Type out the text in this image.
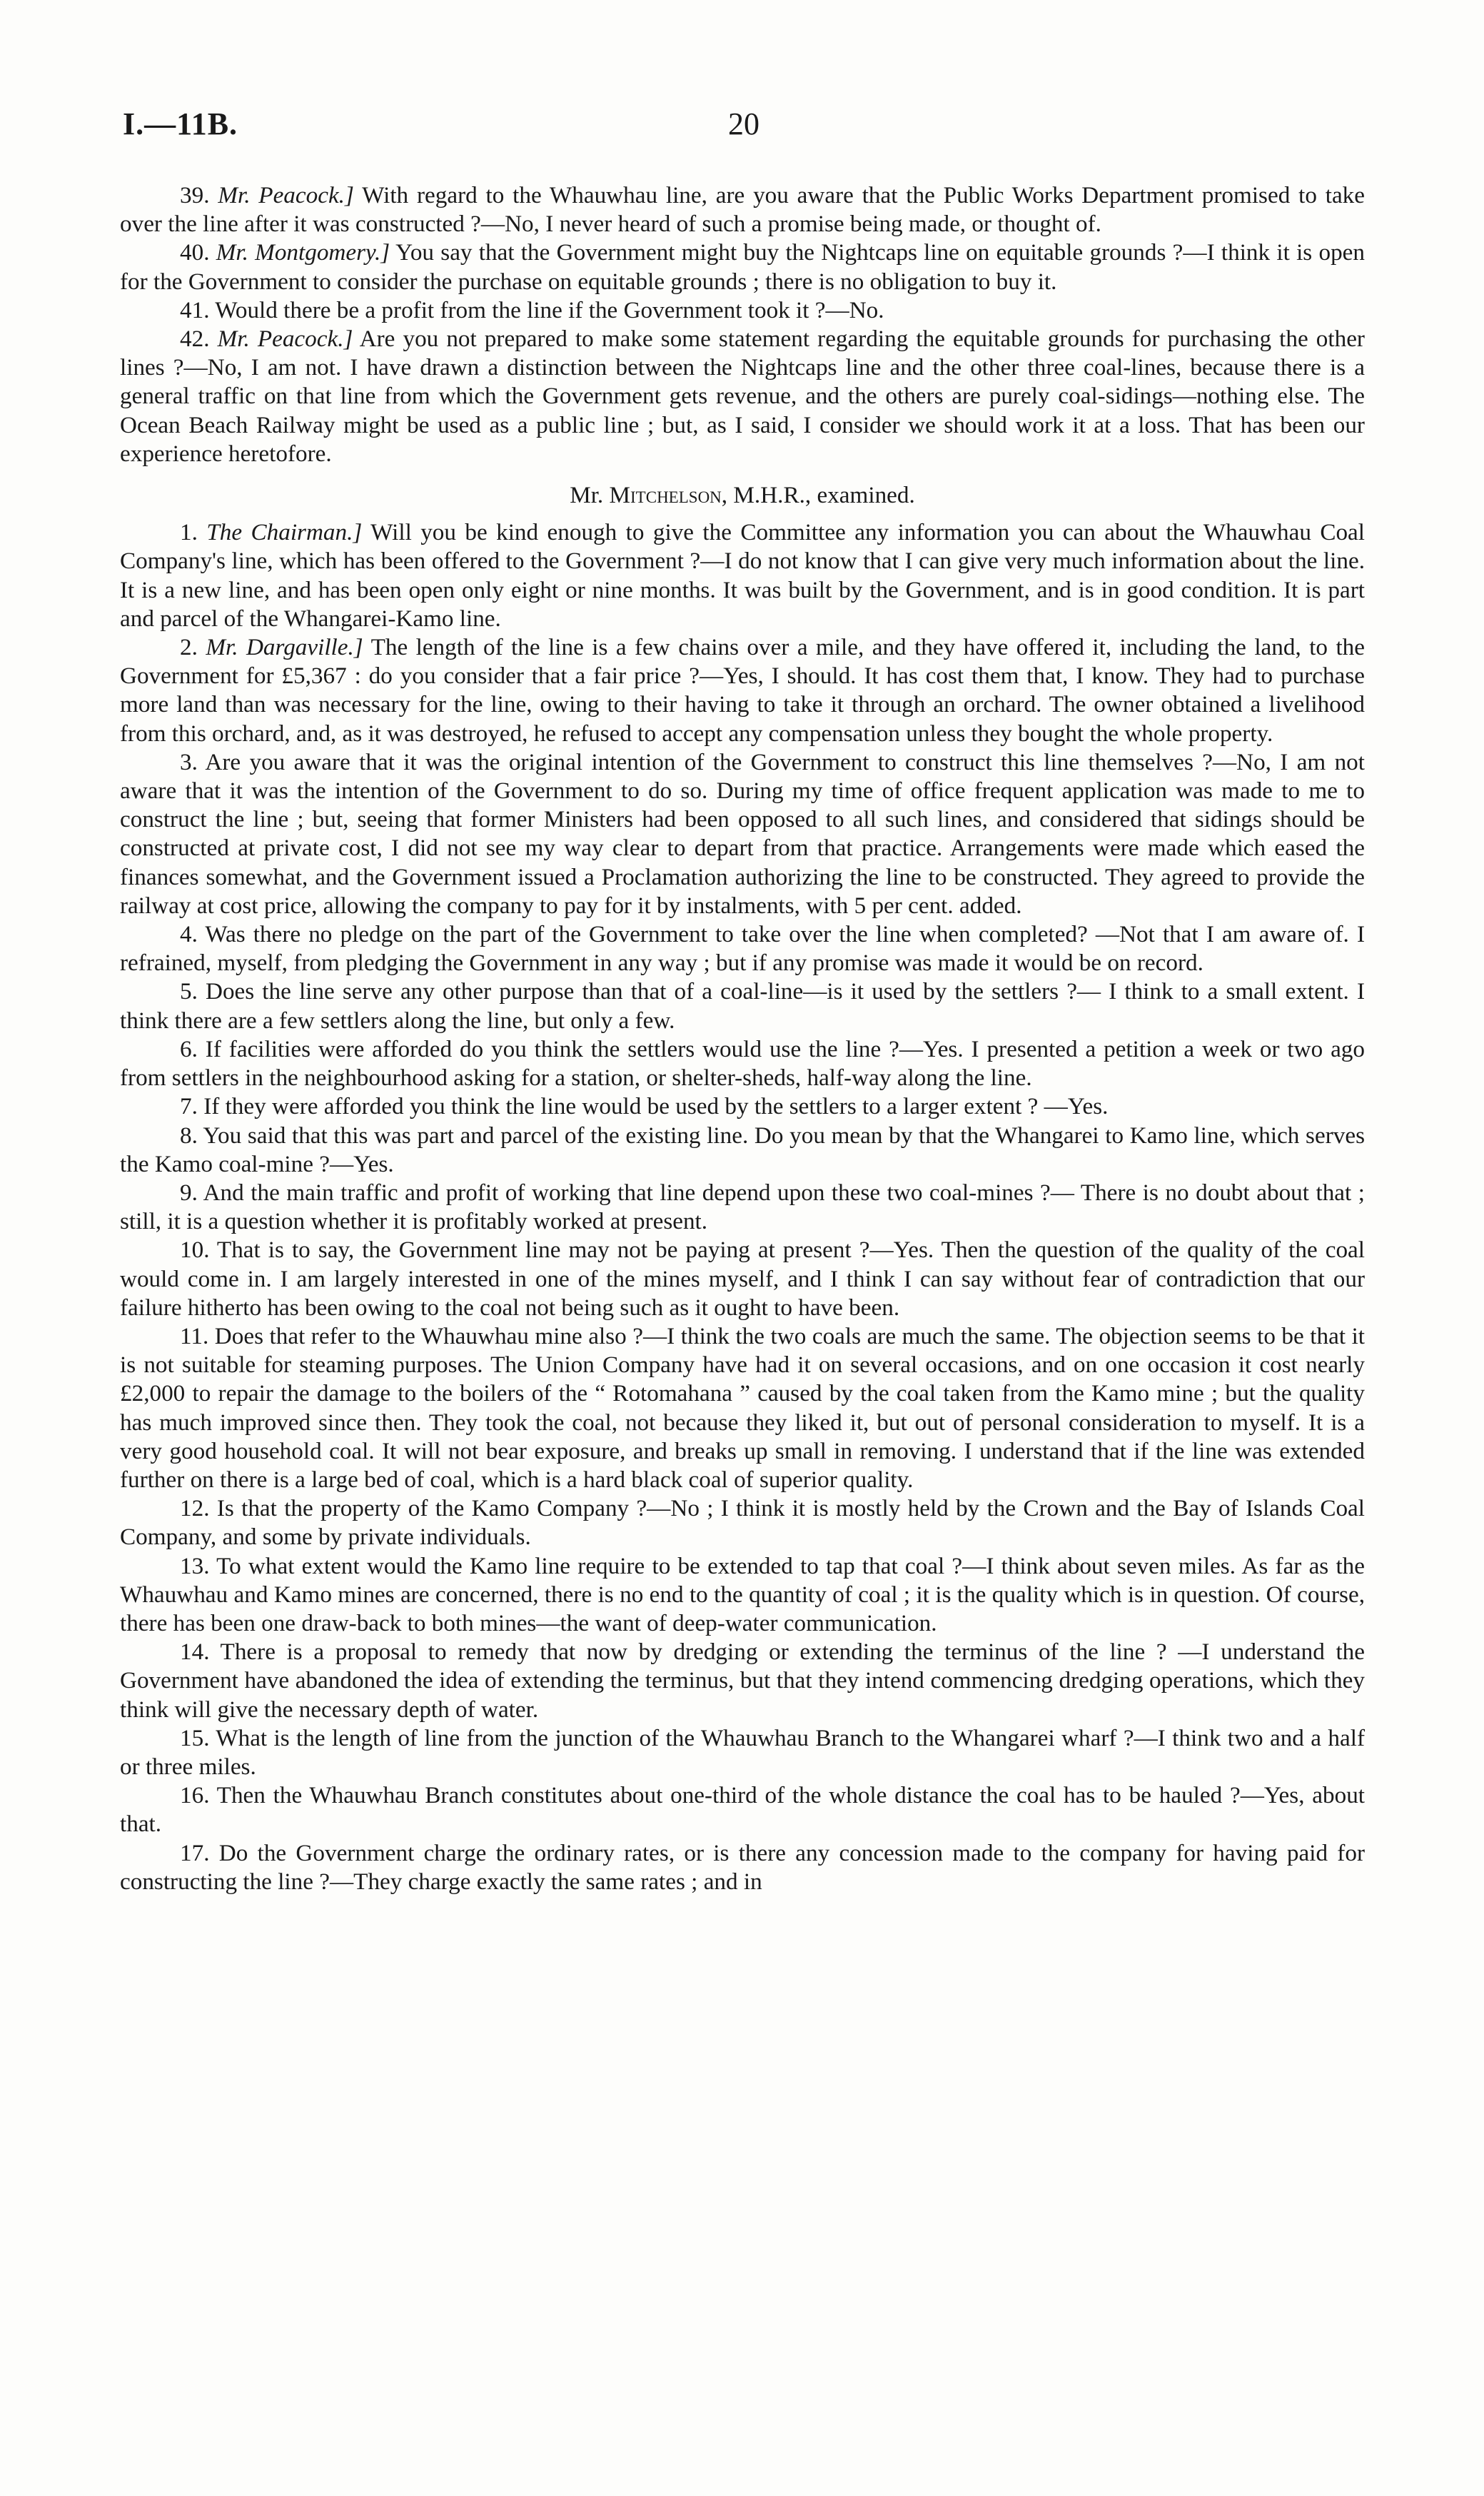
I.—11B.	20

39. Mr. Peacock.] With regard to the Whauwhau line, are you aware that the Public Works Department promised to take over the line after it was constructed ?—No, I never heard of such a promise being made, or thought of.

40. Mr. Montgomery.] You say that the Government might buy the Nightcaps line on equitable grounds ?—I think it is open for the Government to consider the purchase on equitable grounds ; there is no obligation to buy it.

41. Would there be a profit from the line if the Government took it ?—No.

42. Mr. Peacock.] Are you not prepared to make some statement regarding the equitable grounds for purchasing the other lines ?—No, I am not. I have drawn a distinction between the Nightcaps line and the other three coal-lines, because there is a general traffic on that line from which the Government gets revenue, and the others are purely coal-sidings—nothing else. The Ocean Beach Railway might be used as a public line ; but, as I said, I consider we should work it at a loss. That has been our experience heretofore.

Mr. Mitchelson, M.H.R., examined.

1. The Chairman.] Will you be kind enough to give the Committee any information you can about the Whauwhau Coal Company's line, which has been offered to the Government ?—I do not know that I can give very much information about the line. It is a new line, and has been open only eight or nine months. It was built by the Government, and is in good condition. It is part and parcel of the Whangarei-Kamo line.

2. Mr. Dargaville.] The length of the line is a few chains over a mile, and they have offered it, including the land, to the Government for £5,367 : do you consider that a fair price ?—Yes, I should. It has cost them that, I know. They had to purchase more land than was necessary for the line, owing to their having to take it through an orchard. The owner obtained a livelihood from this orchard, and, as it was destroyed, he refused to accept any compensation unless they bought the whole property.

3. Are you aware that it was the original intention of the Government to construct this line themselves ?—No, I am not aware that it was the intention of the Government to do so. During my time of office frequent application was made to me to construct the line ; but, seeing that former Ministers had been opposed to all such lines, and considered that sidings should be constructed at private cost, I did not see my way clear to depart from that practice. Arrangements were made which eased the finances somewhat, and the Government issued a Proclamation authorizing the line to be constructed. They agreed to provide the railway at cost price, allowing the company to pay for it by instalments, with 5 per cent. added.

4. Was there no pledge on the part of the Government to take over the line when completed? —Not that I am aware of. I refrained, myself, from pledging the Government in any way ; but if any promise was made it would be on record.

5. Does the line serve any other purpose than that of a coal-line—is it used by the settlers ?— I think to a small extent. I think there are a few settlers along the line, but only a few.

6. If facilities were afforded do you think the settlers would use the line ?—Yes. I presented a petition a week or two ago from settlers in the neighbourhood asking for a station, or shelter-sheds, half-way along the line.

7. If they were afforded you think the line would be used by the settlers to a larger extent ? —Yes.

8. You said that this was part and parcel of the existing line. Do you mean by that the Whangarei to Kamo line, which serves the Kamo coal-mine ?—Yes.

9. And the main traffic and profit of working that line depend upon these two coal-mines ?— There is no doubt about that ; still, it is a question whether it is profitably worked at present.

10. That is to say, the Government line may not be paying at present ?—Yes. Then the question of the quality of the coal would come in. I am largely interested in one of the mines myself, and I think I can say without fear of contradiction that our failure hitherto has been owing to the coal not being such as it ought to have been.

11. Does that refer to the Whauwhau mine also ?—I think the two coals are much the same. The objection seems to be that it is not suitable for steaming purposes. The Union Company have had it on several occasions, and on one occasion it cost nearly £2,000 to repair the damage to the boilers of the “ Rotomahana ” caused by the coal taken from the Kamo mine ; but the quality has much improved since then. They took the coal, not because they liked it, but out of personal consideration to myself. It is a very good household coal. It will not bear exposure, and breaks up small in removing. I understand that if the line was extended further on there is a large bed of coal, which is a hard black coal of superior quality.

12. Is that the property of the Kamo Company ?—No ; I think it is mostly held by the Crown and the Bay of Islands Coal Company, and some by private individuals.

13. To what extent would the Kamo line require to be extended to tap that coal ?—I think about seven miles. As far as the Whauwhau and Kamo mines are concerned, there is no end to the quantity of coal ; it is the quality which is in question. Of course, there has been one draw-back to both mines—the want of deep-water communication.

14. There is a proposal to remedy that now by dredging or extending the terminus of the line ? —I understand the Government have abandoned the idea of extending the terminus, but that they intend commencing dredging operations, which they think will give the necessary depth of water.

15. What is the length of line from the junction of the Whauwhau Branch to the Whangarei wharf ?—I think two and a half or three miles.

16. Then the Whauwhau Branch constitutes about one-third of the whole distance the coal has to be hauled ?—Yes, about that.

17. Do the Government charge the ordinary rates, or is there any concession made to the company for having paid for constructing the line ?—They charge exactly the same rates ; and in
